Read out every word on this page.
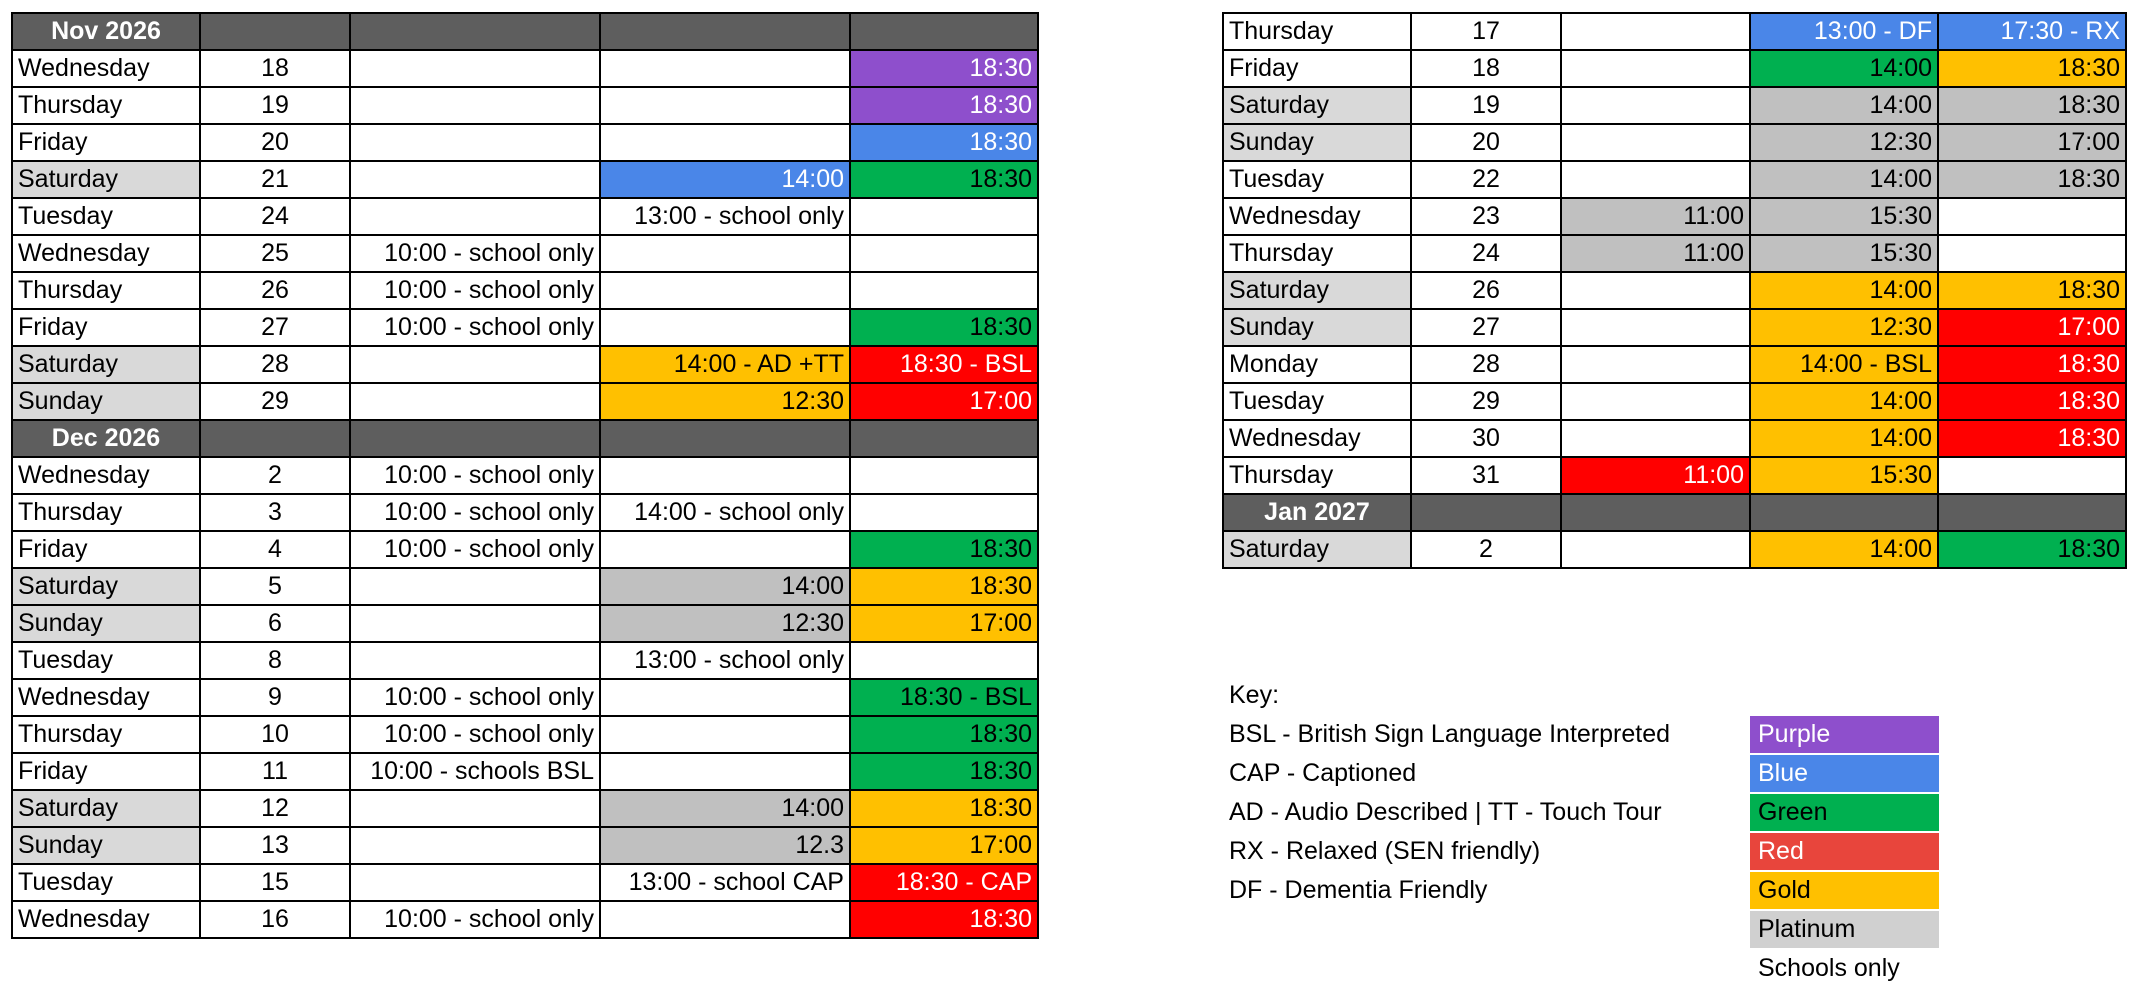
Nov 2026				
Wednesday	18			18:30
Thursday	19			18:30
Friday	20			18:30
Saturday	21		14:00	18:30
Tuesday	24		13:00 - school only	
Wednesday	25	10:00 - school only		
Thursday	26	10:00 - school only		
Friday	27	10:00 - school only		18:30
Saturday	28		14:00 - AD +TT	18:30 - BSL
Sunday	29		12:30	17:00
Dec 2026				
Wednesday	2	10:00 - school only		
Thursday	3	10:00 - school only	14:00 - school only	
Friday	4	10:00 - school only		18:30
Saturday	5		14:00	18:30
Sunday	6		12:30	17:00
Tuesday	8		13:00 - school only	
Wednesday	9	10:00 - school only		18:30 - BSL
Thursday	10	10:00 - school only		18:30
Friday	11	10:00 - schools BSL		18:30
Saturday	12		14:00	18:30
Sunday	13		12.3	17:00
Tuesday	15		13:00 - school CAP	18:30 - CAP
Wednesday	16	10:00 - school only		18:30
Thursday	17		13:00 - DF	17:30 - RX
Friday	18		14:00	18:30
Saturday	19		14:00	18:30
Sunday	20		12:30	17:00
Tuesday	22		14:00	18:30
Wednesday	23	11:00	15:30	
Thursday	24	11:00	15:30	
Saturday	26		14:00	18:30
Sunday	27		12:30	17:00
Monday	28		14:00 - BSL	18:30
Tuesday	29		14:00	18:30
Wednesday	30		14:00	18:30
Thursday	31	11:00	15:30	
Jan 2027				
Saturday	2		14:00	18:30
Key:
BSL - British Sign Language Interpreted
CAP - Captioned
AD - Audio Described | TT - Touch Tour
RX - Relaxed (SEN friendly)
DF - Dementia Friendly
Purple
Blue
Green
Red
Gold
Platinum
Schools only
